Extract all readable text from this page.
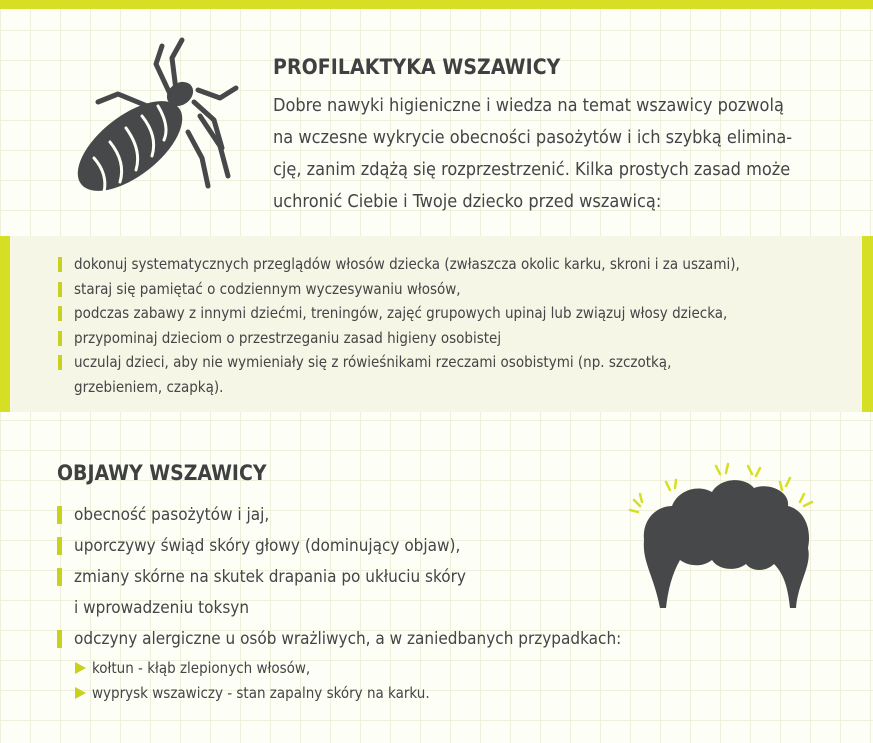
PROFILAKTYKA WSZAWICY
Dobre nawyki higieniczne i wiedza na temat wszawicy pozwolą
na wczesne wykrycie obecności pasożytów i ich szybką elimina-
cję, zanim zdążą się rozprzestrzenić. Kilka prostych zasad może
uchronić Ciebie i Twoje dziecko przed wszawicą:
dokonuj systematycznych przeglądów włosów dziecka (zwłaszcza okolic karku, skroni i za uszami),
staraj się pamiętać o codziennym wyczesywaniu włosów,
podczas zabawy z innymi dziećmi, treningów, zajęć grupowych upinaj lub związuj włosy dziecka,
przypominaj dzieciom o przestrzeganiu zasad higieny osobistej
uczulaj dzieci, aby nie wymieniały się z rówieśnikami rzeczami osobistymi (np. szczotką,
grzebieniem, czapką).
OBJAWY WSZAWICY
obecność pasożytów i jaj,
uporczywy świąd skóry głowy (dominujący objaw),
zmiany skórne na skutek drapania po ukłuciu skóry
i wprowadzeniu toksyn
odczyny alergiczne u osób wrażliwych, a w zaniedbanych przypadkach:
kołtun - kłąb zlepionych włosów,
wyprysk wszawiczy - stan zapalny skóry na karku.
